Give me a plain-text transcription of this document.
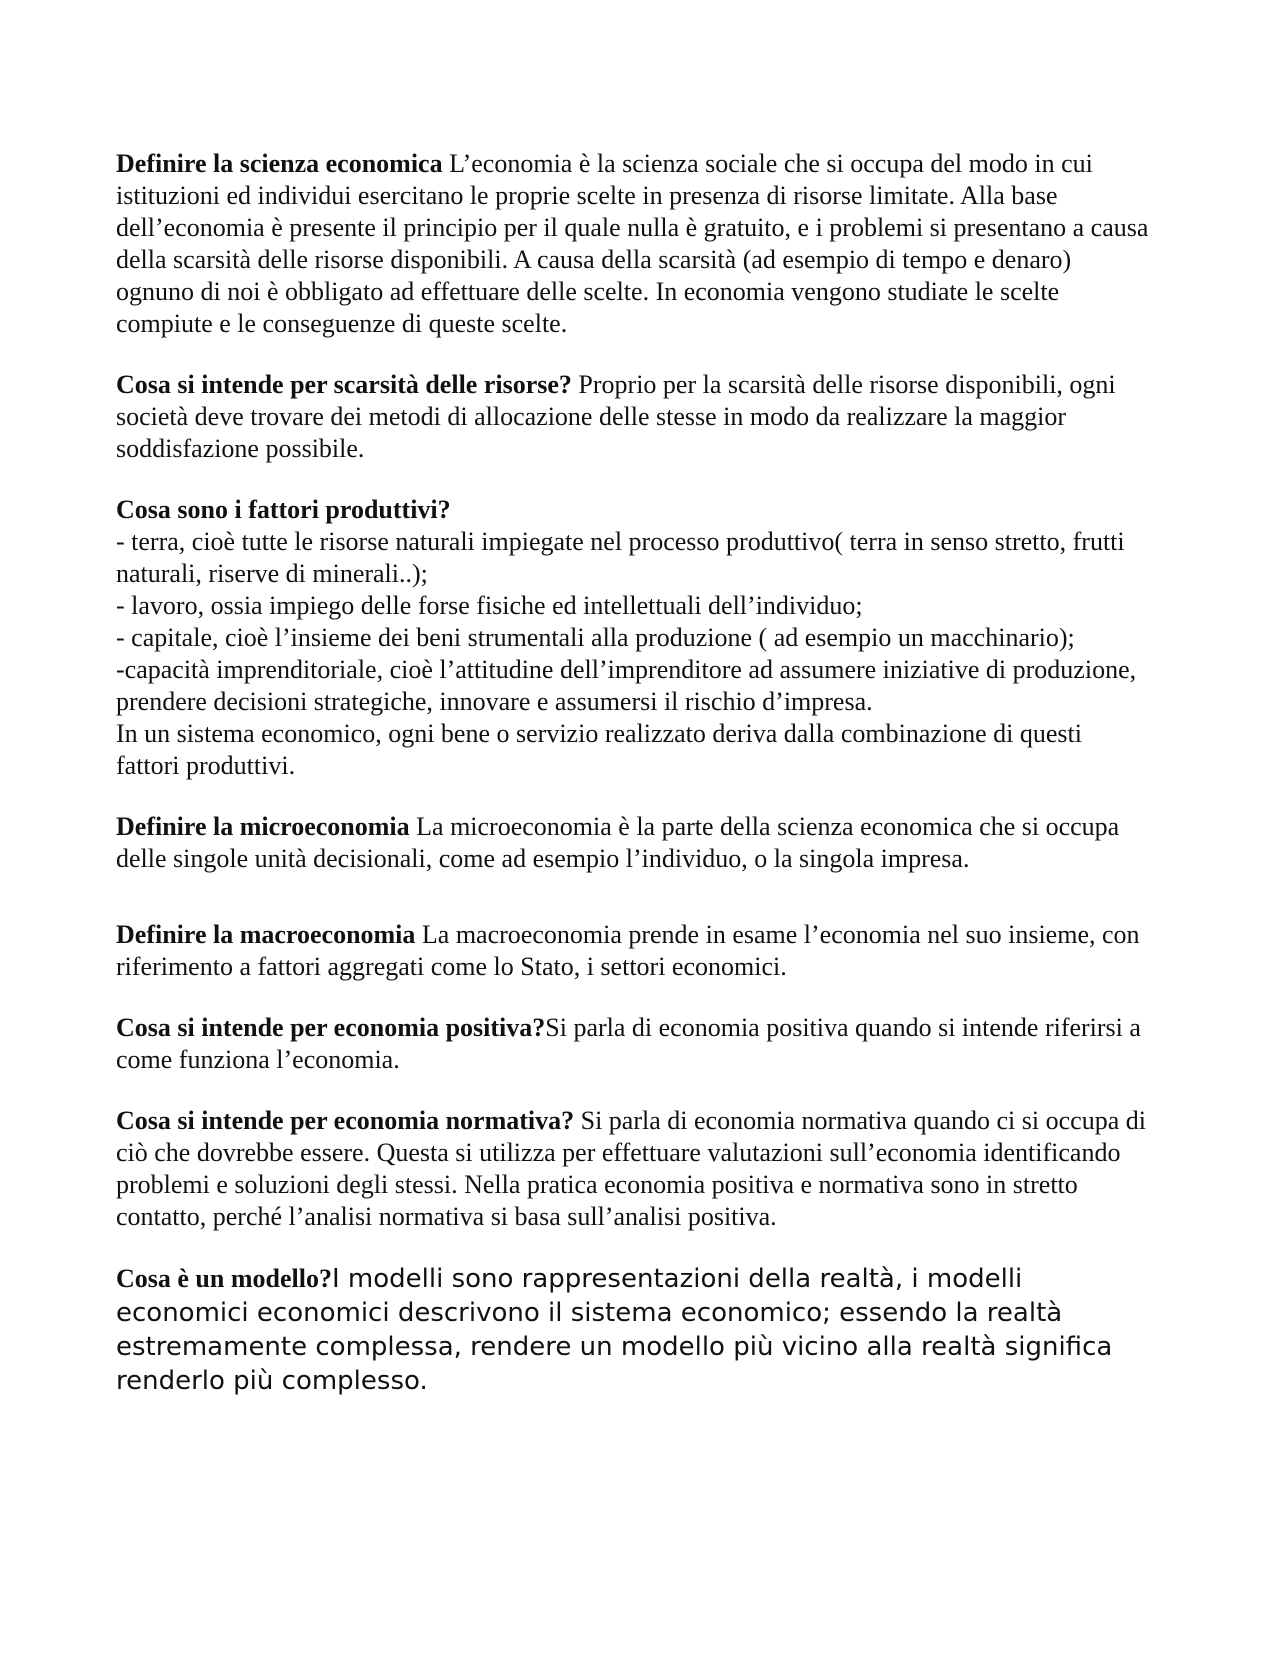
Definire la scienza economica L’economia è la scienza sociale che si occupa del modo in cui istituzioni ed individui esercitano le proprie scelte in presenza di risorse limitate. Alla base dell’economia è presente il principio per il quale nulla è gratuito, e i problemi si presentano a causa della scarsità delle risorse disponibili. A causa della scarsità (ad esempio di tempo e denaro) ognuno di noi è obbligato ad effettuare delle scelte. In economia vengono studiate le scelte compiute e le conseguenze di queste scelte.

Cosa si intende per scarsità delle risorse? Proprio per la scarsità delle risorse disponibili, ogni società deve trovare dei metodi di allocazione delle stesse in modo da realizzare la maggior soddisfazione possibile.

Cosa sono i fattori produttivi?
- terra, cioè tutte le risorse naturali impiegate nel processo produttivo( terra in senso stretto, frutti naturali, riserve di minerali..);
- lavoro, ossia impiego delle forse fisiche ed intellettuali dell’individuo;
- capitale, cioè l’insieme dei beni strumentali alla produzione ( ad esempio un macchinario);
-capacità imprenditoriale, cioè l’attitudine dell’imprenditore ad assumere iniziative di produzione, prendere decisioni strategiche, innovare e assumersi il rischio d’impresa.
In un sistema economico, ogni bene o servizio realizzato deriva dalla combinazione di questi fattori produttivi.

Definire la microeconomia La microeconomia è la parte della scienza economica che si occupa delle singole unità decisionali, come ad esempio l’individuo, o la singola impresa.

Definire la macroeconomia La macroeconomia prende in esame l’economia nel suo insieme, con riferimento a fattori aggregati come lo Stato, i settori economici.

Cosa si intende per economia positiva?Si parla di economia positiva quando si intende riferirsi a come funziona l’economia.

Cosa si intende per economia normativa? Si parla di economia normativa quando ci si occupa di ciò che dovrebbe essere. Questa si utilizza per effettuare valutazioni sull’economia identificando problemi e soluzioni degli stessi. Nella pratica economia positiva e normativa sono in stretto contatto, perché l’analisi normativa si basa sull’analisi positiva.

Cosa è un modello?I modelli sono rappresentazioni della realtà, i modelli economici economici descrivono il sistema economico; essendo la realtà estremamente complessa, rendere un modello più vicino alla realtà significa renderlo più complesso.
